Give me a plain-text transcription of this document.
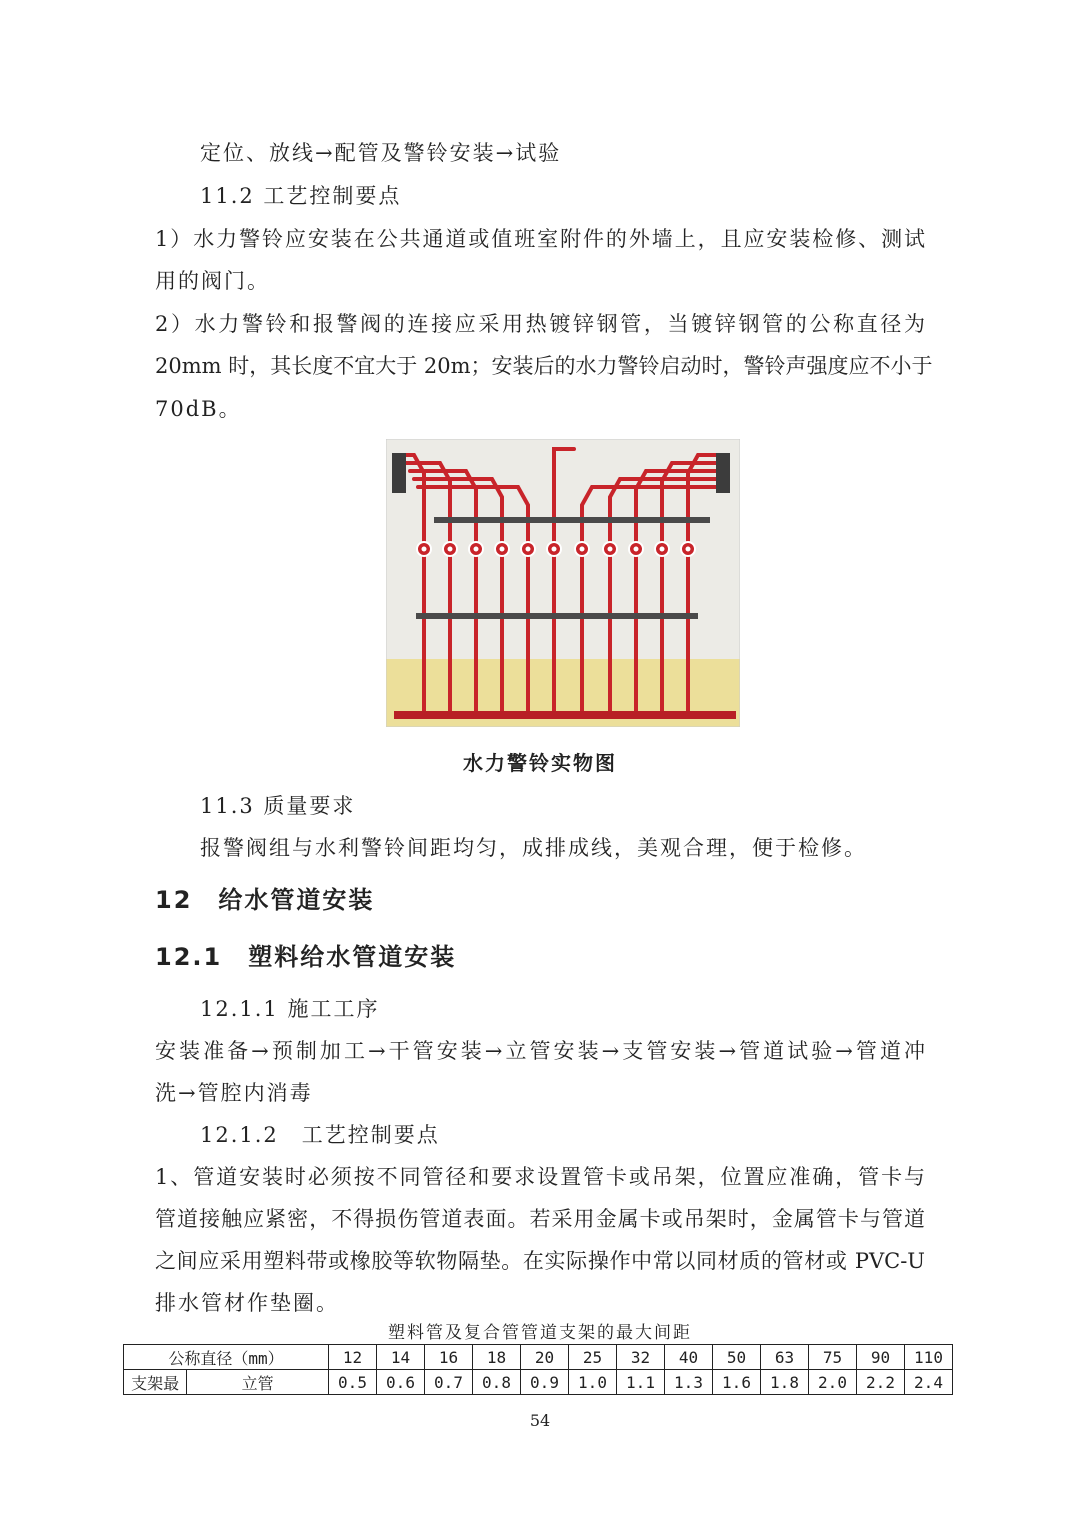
定位、放线→配管及警铃安装→试验
11.2 工艺控制要点
1）水力警铃应安装在公共通道或值班室附件的外墙上，且应安装检修、测试
用的阀门。
2）水力警铃和报警阀的连接应采用热镀锌钢管，当镀锌钢管的公称直径为
20mm 时，其长度不宜大于 20m；安装后的水力警铃启动时，警铃声强度应不小于
70dB。
水力警铃实物图
11.3 质量要求
报警阀组与水利警铃间距均匀，成排成线，美观合理，便于检修。
12　给水管道安装
12.1　塑料给水管道安装
12.1.1 施工工序
安装准备→预制加工→干管安装→立管安装→支管安装→管道试验→管道冲
洗→管腔内消毒
12.1.2　工艺控制要点
1、管道安装时必须按不同管径和要求设置管卡或吊架，位置应准确，管卡与
管道接触应紧密，不得损伤管道表面。若采用金属卡或吊架时，金属管卡与管道
之间应采用塑料带或橡胶等软物隔垫。在实际操作中常以同材质的管材或 PVC-U
排水管材作垫圈。
塑料管及复合管管道支架的最大间距
公称直径（mm）		12	14	16	18	20	25	32	40	50	63	75	90	110
支架最	立管	0.5	0.6	0.7	0.8	0.9	1.0	1.1	1.3	1.6	1.8	2.0	2.2	2.4
54
